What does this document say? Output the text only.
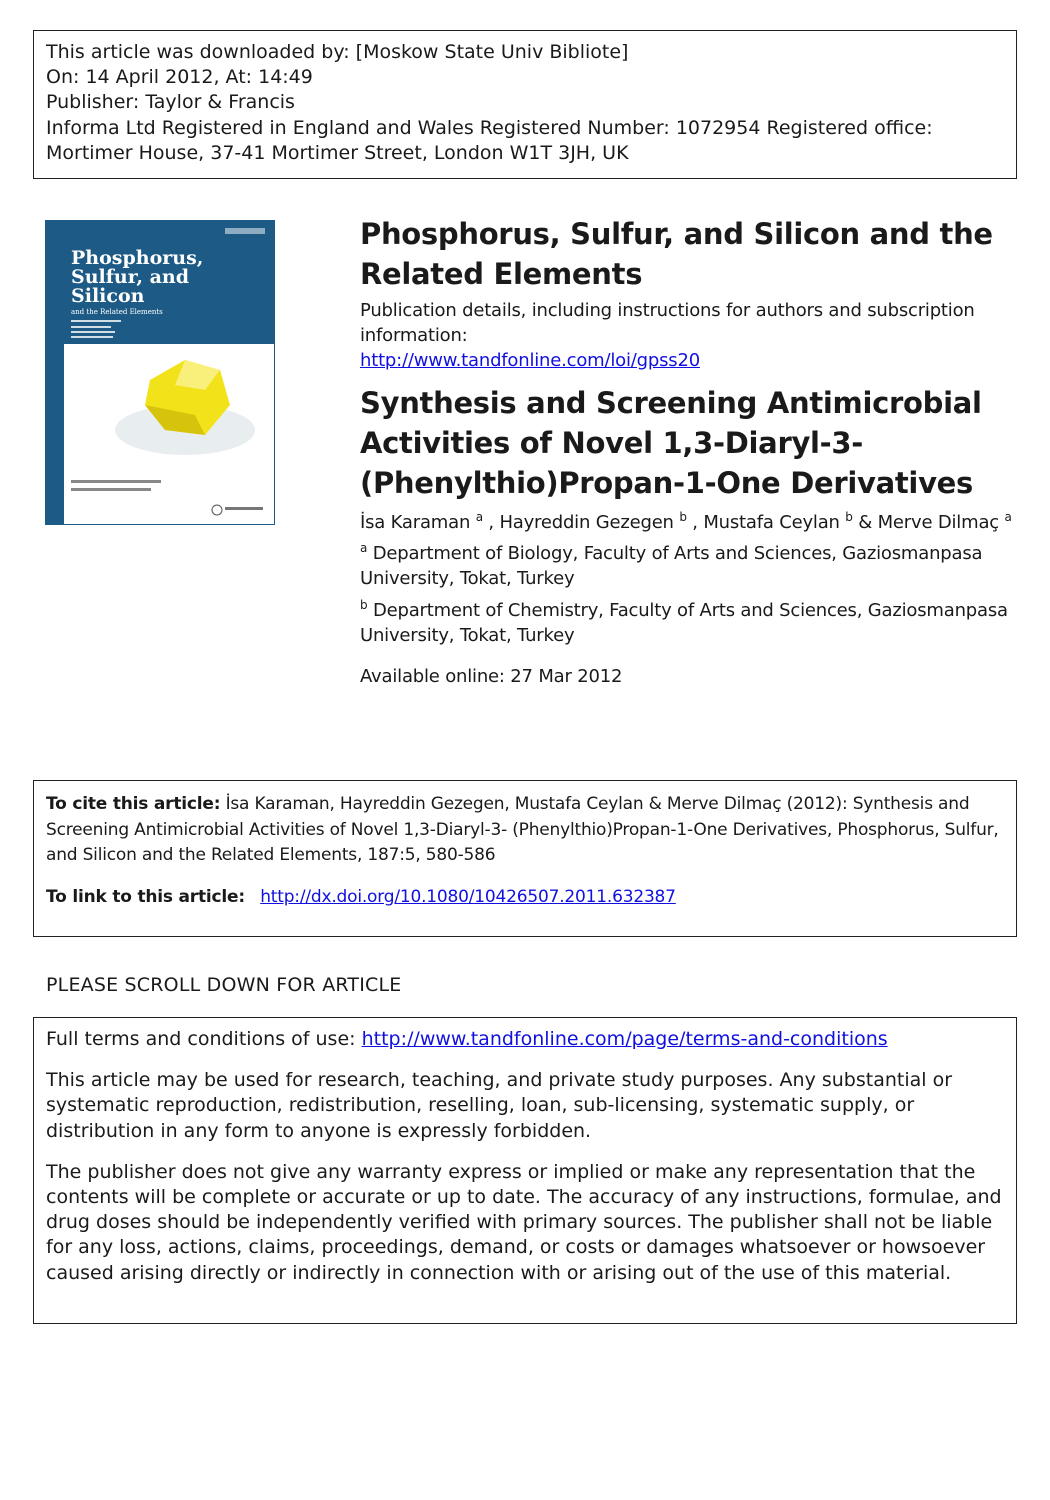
This article was downloaded by: [Moskow State Univ Bibliote]
On: 14 April 2012, At: 14:49
Publisher: Taylor & Francis
Informa Ltd Registered in England and Wales Registered Number: 1072954 Registered office: Mortimer House, 37-41 Mortimer Street, London W1T 3JH, UK
Phosphorus,
Sulfur, and
Silicon
and the Related Elements
Phosphorus, Sulfur, and Silicon and the Related Elements
Publication details, including instructions for authors and subscription information:
http://www.tandfonline.com/loi/gpss20
Synthesis and Screening Antimicrobial Activities of Novel 1,3-Diaryl-3-(Phenylthio)Propan-1-One Derivatives
İsa Karaman $^a$ , Hayreddin Gezegen $^b$ , Mustafa Ceylan $^b$ & Merve Dilmaç $^a$
$^a$ Department of Biology, Faculty of Arts and Sciences, Gaziosmanpasa University, Tokat, Turkey
$^b$ Department of Chemistry, Faculty of Arts and Sciences, Gaziosmanpasa University, Tokat, Turkey
Available online: 27 Mar 2012
To cite this article: İsa Karaman, Hayreddin Gezegen, Mustafa Ceylan & Merve Dilmaç (2012): Synthesis and Screening Antimicrobial Activities of Novel 1,3-Diaryl-3- (Phenylthio)Propan-1-One Derivatives, Phosphorus, Sulfur, and Silicon and the Related Elements, 187:5, 580-586
To link to this article: http://dx.doi.org/10.1080/10426507.2011.632387
PLEASE SCROLL DOWN FOR ARTICLE

Full terms and conditions of use: http://www.tandfonline.com/page/terms-and-conditions

This article may be used for research, teaching, and private study purposes. Any substantial or systematic reproduction, redistribution, reselling, loan, sub-licensing, systematic supply, or distribution in any form to anyone is expressly forbidden.

The publisher does not give any warranty express or implied or make any representation that the contents will be complete or accurate or up to date. The accuracy of any instructions, formulae, and drug doses should be independently verified with primary sources. The publisher shall not be liable for any loss, actions, claims, proceedings, demand, or costs or damages whatsoever or howsoever caused arising directly or indirectly in connection with or arising out of the use of this material.
